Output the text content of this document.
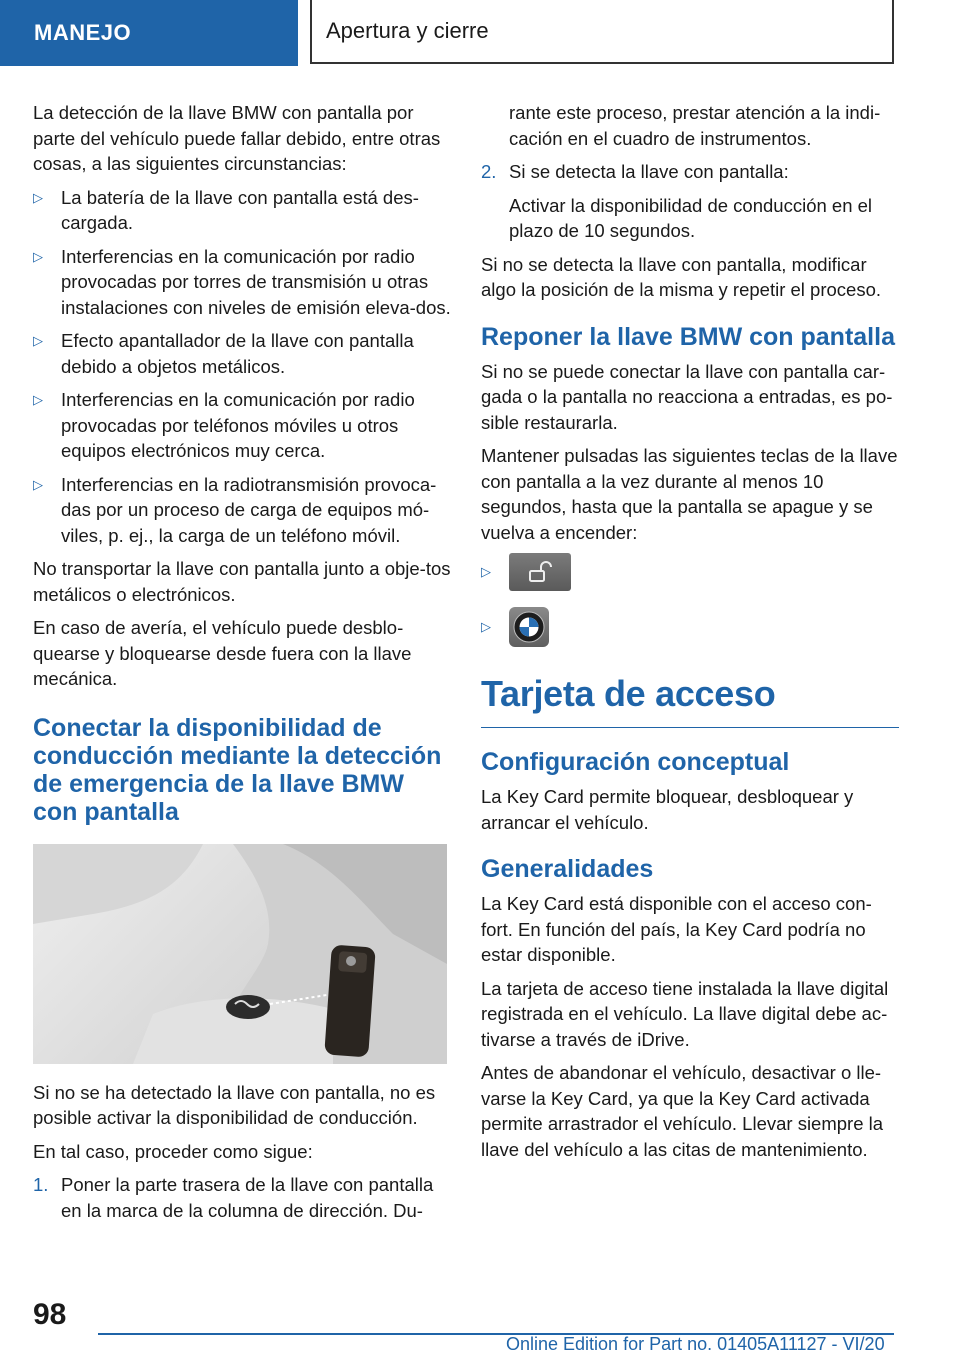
MANEJO	Apertura y cierre

La detección de la llave BMW con pantalla por parte del vehículo puede fallar debido, entre otras cosas, a las siguientes circunstancias:

▷ La batería de la llave con pantalla está des-cargada.
▷ Interferencias en la comunicación por radio provocadas por torres de transmisión u otras instalaciones con niveles de emisión eleva-dos.
▷ Efecto apantallador de la llave con pantalla debido a objetos metálicos.
▷ Interferencias en la comunicación por radio provocadas por teléfonos móviles u otros equipos electrónicos muy cerca.
▷ Interferencias en la radiotransmisión provoca-das por un proceso de carga de equipos mó-viles, p. ej., la carga de un teléfono móvil.

No transportar la llave con pantalla junto a obje-tos metálicos o electrónicos.

En caso de avería, el vehículo puede desblo-quearse y bloquearse desde fuera con la llave mecánica.

Conectar la disponibilidad de conducción mediante la detección de emergencia de la llave BMW con pantalla

Si no se ha detectado la llave con pantalla, no es posible activar la disponibilidad de conducción.

En tal caso, proceder como sigue:

1. Poner la parte trasera de la llave con pantalla en la marca de la columna de dirección. Du-

rante este proceso, prestar atención a la indi-cación en el cuadro de instrumentos.

2. Si se detecta la llave con pantalla:

Activar la disponibilidad de conducción en el plazo de 10 segundos.

Si no se detecta la llave con pantalla, modificar algo la posición de la misma y repetir el proceso.

Reponer la llave BMW con pantalla

Si no se puede conectar la llave con pantalla car-gada o la pantalla no reacciona a entradas, es po-sible restaurarla.

Mantener pulsadas las siguientes teclas de la llave con pantalla a la vez durante al menos 10 segundos, hasta que la pantalla se apague y se vuelva a encender:

▷
▷
Tarjeta de acceso
Configuración conceptual

La Key Card permite bloquear, desbloquear y arrancar el vehículo.

Generalidades

La Key Card está disponible con el acceso con-fort. En función del país, la Key Card podría no estar disponible.

La tarjeta de acceso tiene instalada la llave digital registrada en el vehículo. La llave digital debe ac-tivarse a través de iDrive.

Antes de abandonar el vehículo, desactivar o lle-varse la Key Card, ya que la Key Card activada permite arrastrador el vehículo. Llevar siempre la llave del vehículo a las citas de mantenimiento.

98
Online Edition for Part no. 01405A11127 - VI/20
